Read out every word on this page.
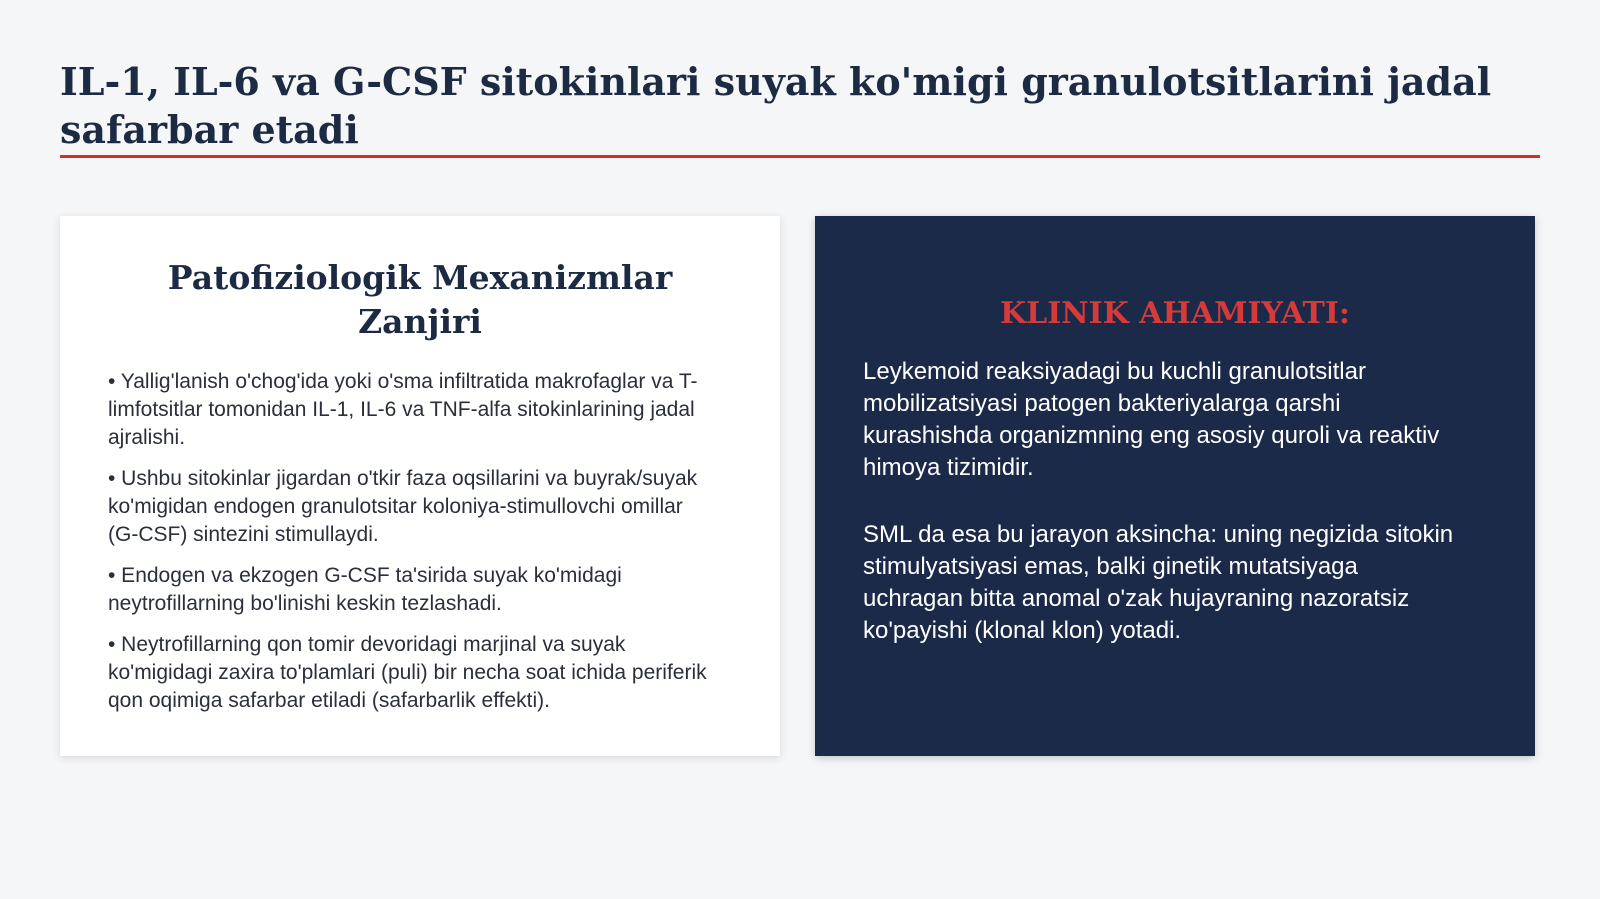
IL-1, IL-6 va G-CSF sitokinlari suyak ko'migi granulotsitlarini jadal safarbar etadi
Patofiziologik Mexanizmlar Zanjiri
• Yallig'lanish o'chog'ida yoki o'sma infiltratida makrofaglar va T-limfotsitlar tomonidan IL-1, IL-6 va TNF-alfa sitokinlarining jadal ajralishi.
• Ushbu sitokinlar jigardan o'tkir faza oqsillarini va buyrak/suyak ko'migidan endogen granulotsitar koloniya-stimullovchi omillar (G-CSF) sintezini stimullaydi.
• Endogen va ekzogen G-CSF ta'sirida suyak ko'midagi neytrofillarning bo'linishi keskin tezlashadi.
• Neytrofillarning qon tomir devoridagi marjinal va suyak ko'migidagi zaxira to'plamlari (puli) bir necha soat ichida periferik qon oqimiga safarbar etiladi (safarbarlik effekti).
KLINIK AHAMIYATI:

Leykemoid reaksiyadagi bu kuchli granulotsitlar mobilizatsiyasi patogen bakteriyalarga qarshi kurashishda organizmning eng asosiy quroli va reaktiv himoya tizimidir.

SML da esa bu jarayon aksincha: uning negizida sitokin stimulyatsiyasi emas, balki ginetik mutatsiyaga uchragan bitta anomal o'zak hujayraning nazoratsiz ko'payishi (klonal klon) yotadi.
